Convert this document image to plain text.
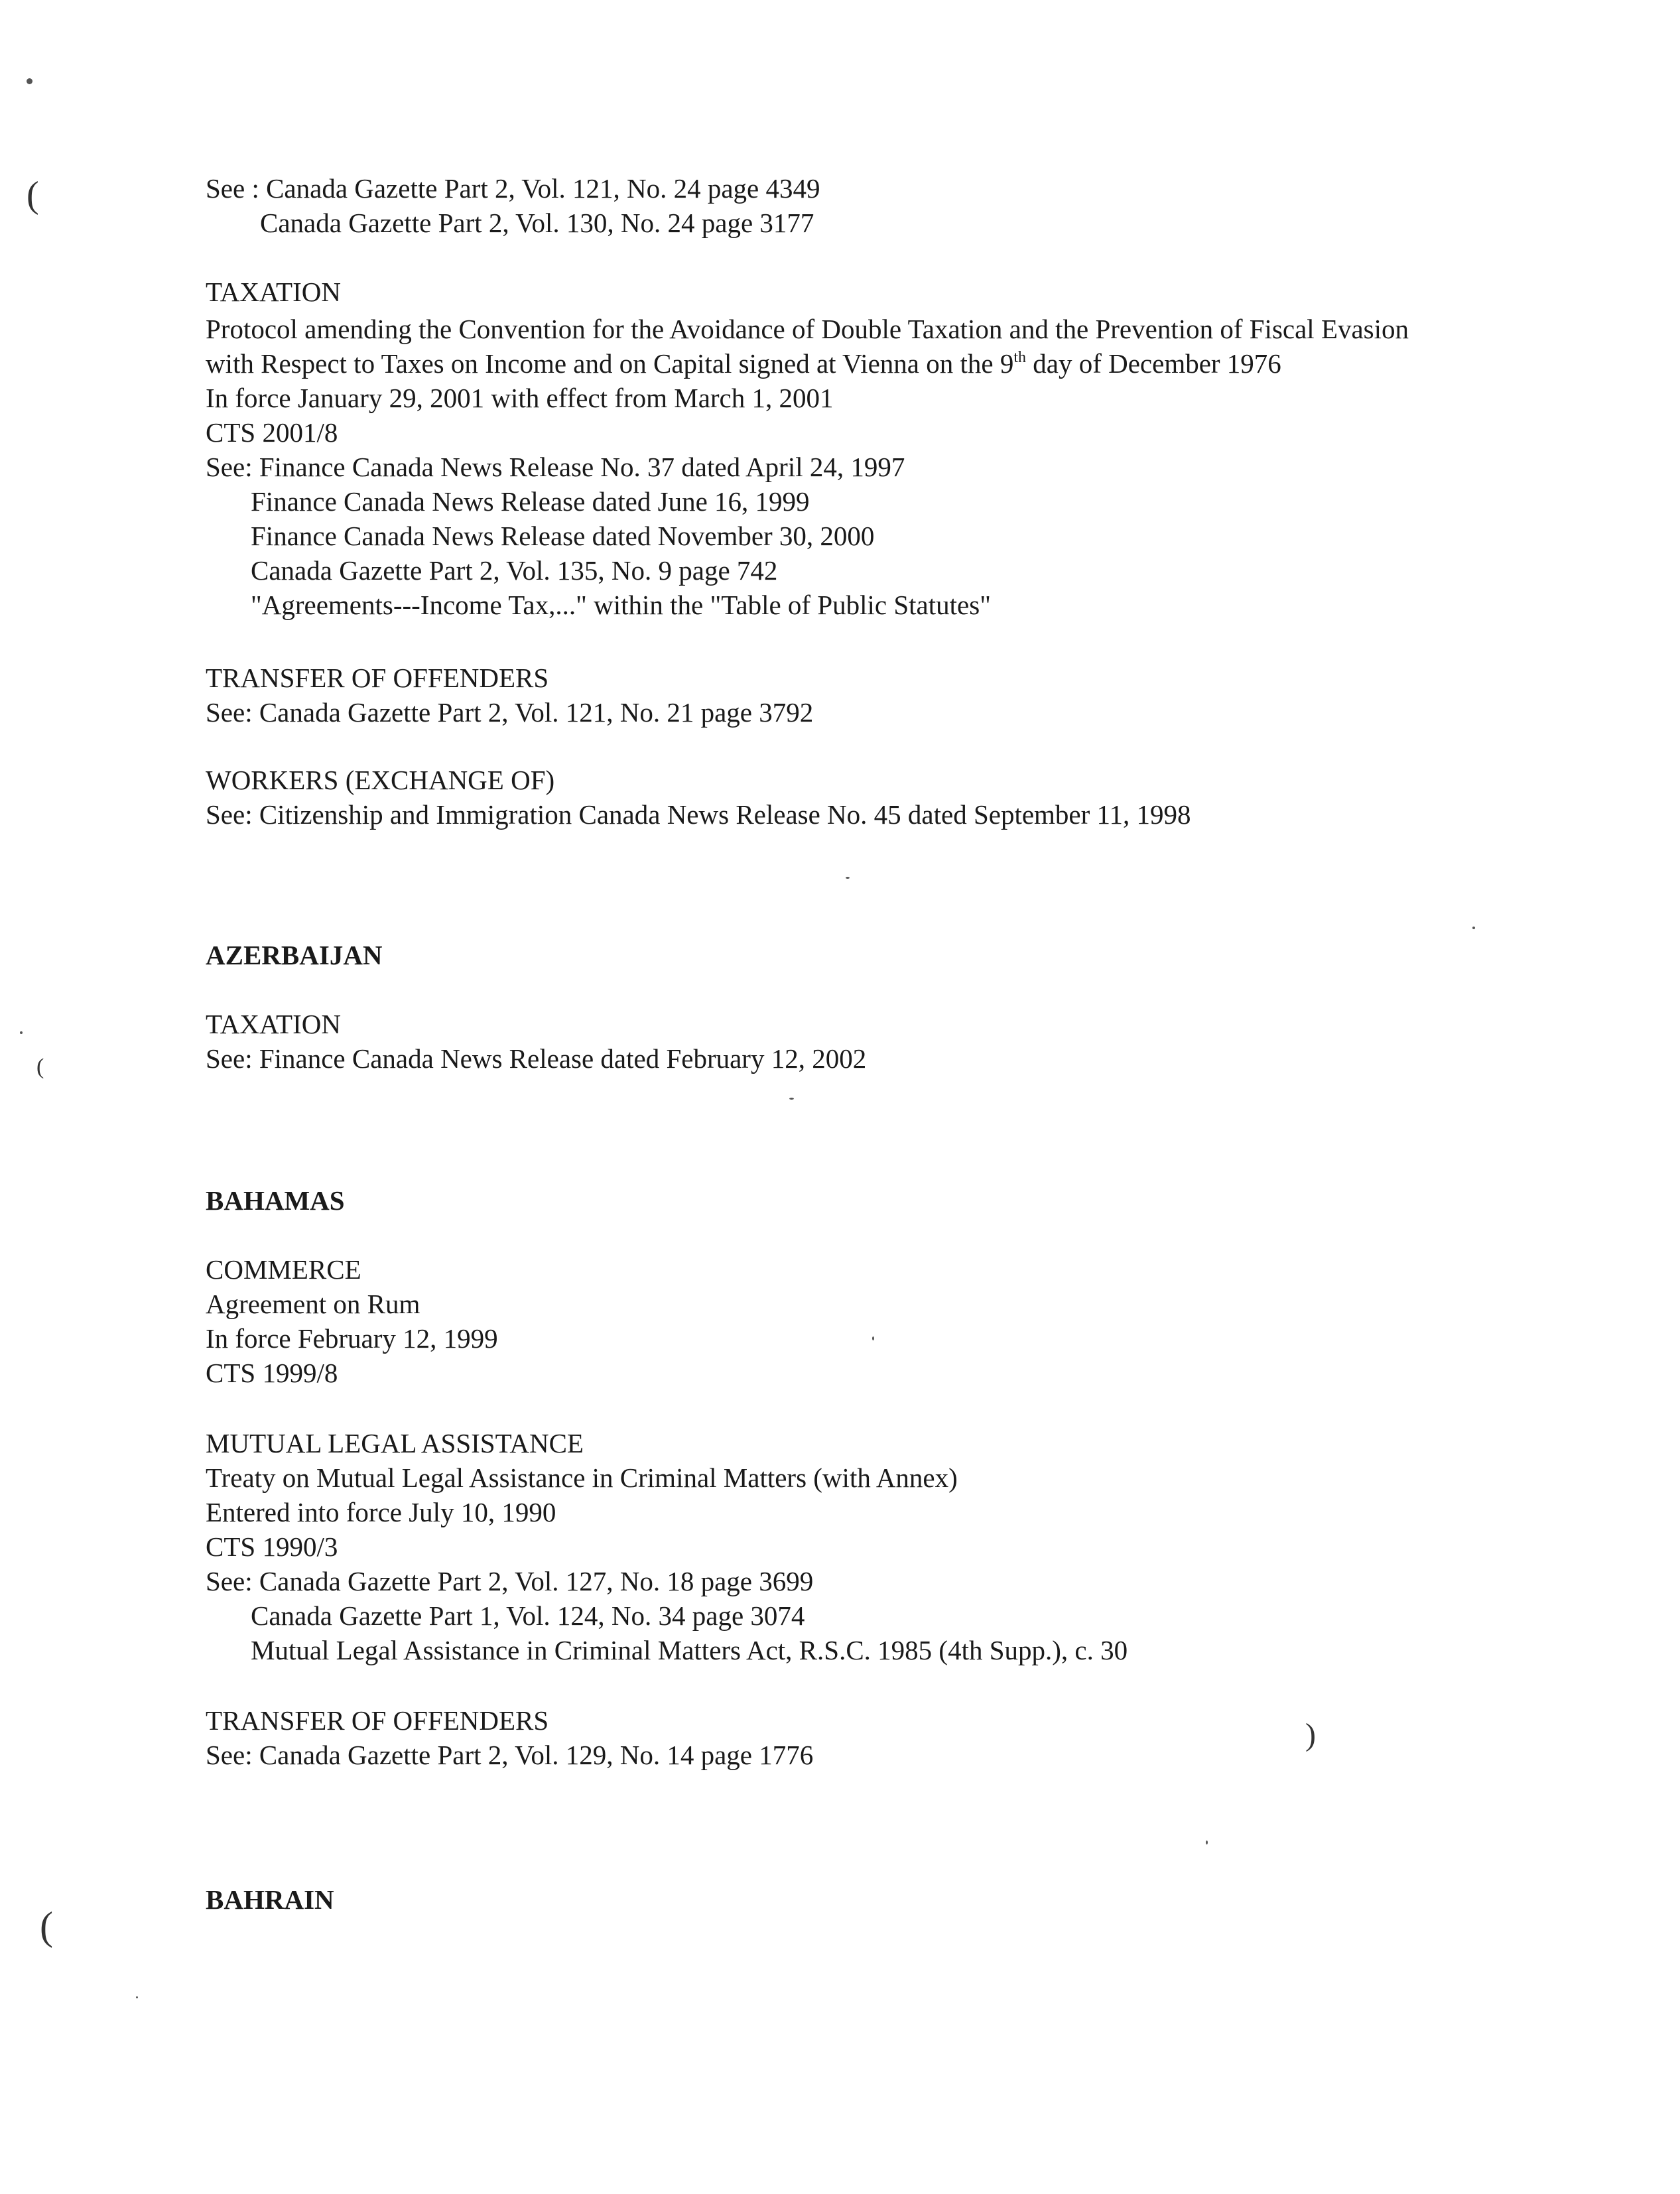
See : Canada Gazette Part 2, Vol. 121, No. 24 page 4349
Canada Gazette Part 2, Vol. 130, No. 24 page 3177
TAXATION
Protocol amending the Convention for the Avoidance of Double Taxation and the Prevention of Fiscal Evasion
with Respect to Taxes on Income and on Capital signed at Vienna on the 9th day of December 1976
In force January 29, 2001 with effect from March 1, 2001
CTS 2001/8
See: Finance Canada News Release No. 37 dated April 24, 1997
Finance Canada News Release dated June 16, 1999
Finance Canada News Release dated November 30, 2000
Canada Gazette Part 2, Vol. 135, No. 9 page 742
"Agreements---Income Tax,..." within the "Table of Public Statutes"
TRANSFER OF OFFENDERS
See: Canada Gazette Part 2, Vol. 121, No. 21 page 3792
WORKERS (EXCHANGE OF)
See: Citizenship and Immigration Canada News Release No. 45 dated September 11, 1998
AZERBAIJAN
TAXATION
See: Finance Canada News Release dated February 12, 2002
BAHAMAS
COMMERCE
Agreement on Rum
In force February 12, 1999
CTS 1999/8
MUTUAL LEGAL ASSISTANCE
Treaty on Mutual Legal Assistance in Criminal Matters (with Annex)
Entered into force July 10, 1990
CTS 1990/3
See: Canada Gazette Part 2, Vol. 127, No. 18 page 3699
Canada Gazette Part 1, Vol. 124, No. 34 page 3074
Mutual Legal Assistance in Criminal Matters Act, R.S.C. 1985 (4th Supp.), c. 30
TRANSFER OF OFFENDERS
See: Canada Gazette Part 2, Vol. 129, No. 14 page 1776
BAHRAIN
(
(
)
(
